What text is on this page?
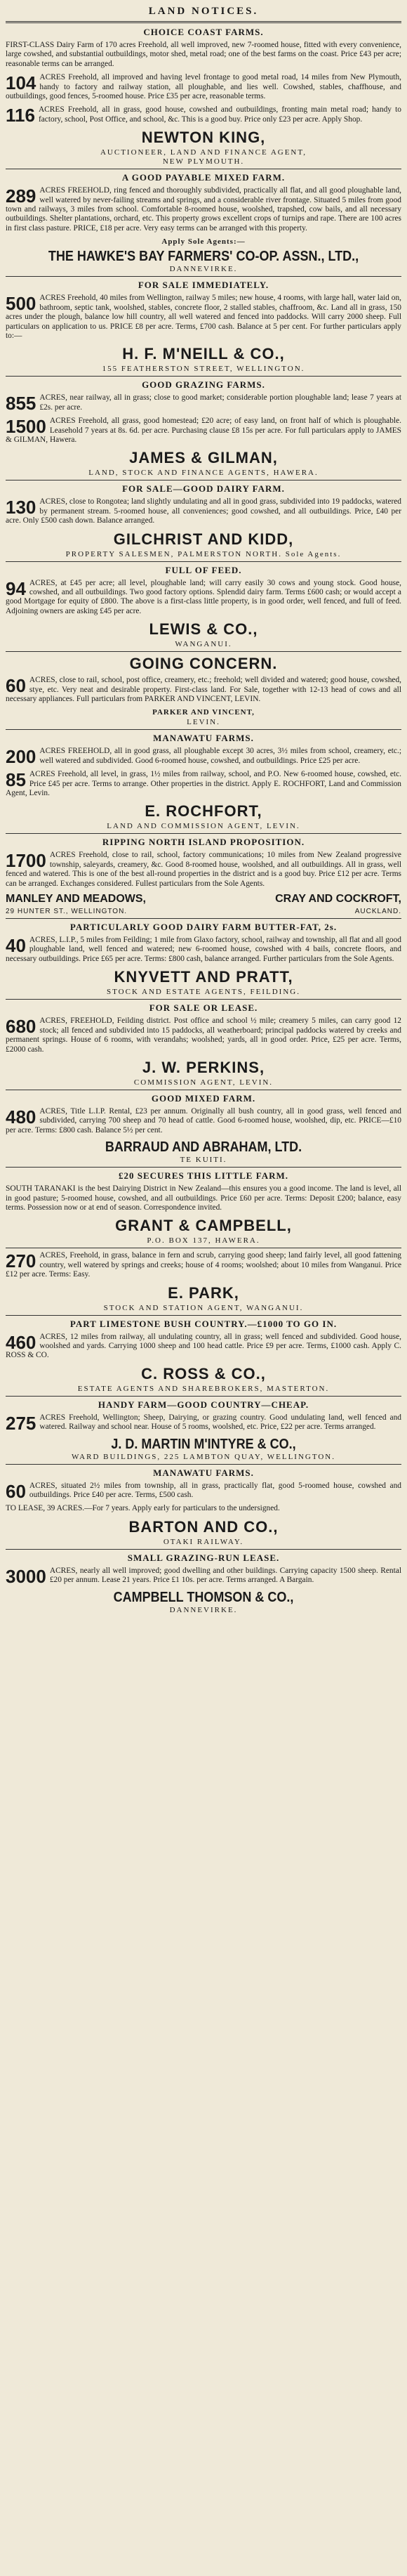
LAND NOTICES.
CHOICE COAST FARMS.

FIRST-CLASS Dairy Farm of 170 acres Freehold, all well improved, new 7-roomed house, fitted with every convenience, large cowshed, and substantial outbuildings, motor shed, metal road; one of the best farms on the coast. Price £43 per acre; reasonable terms can be arranged.

104 ACRES Freehold, all improved and having level frontage to good metal road, 14 miles from New Plymouth, handy to factory and railway station, all ploughable, and lies well. Cowshed, stables, chaffhouse, and outbuildings, good fences, 5-roomed house. Price £35 per acre, reasonable terms.

116 ACRES Freehold, all in grass, good house, cowshed and outbuildings, fronting main metal road; handy to factory, school, Post Office, and school, &c. This is a good buy. Price only £23 per acre. Apply Shop.

NEWTON KING,
AUCTIONEER, LAND AND FINANCE AGENT,
NEW PLYMOUTH.
A GOOD PAYABLE MIXED FARM.
289 ACRES FREEHOLD, ring fenced and thoroughly subdivided, practically all flat, and all good ploughable land, well watered by never-failing streams and springs, and a considerable river frontage. Situated 5 miles from good town and railways, 3 miles from school. Comfortable 8-roomed house, woolshed, trapshed, cow bails, and all necessary outbuildings. Shelter plantations, orchard, etc. This property grows excellent crops of turnips and rape. There are 100 acres in first class pasture. PRICE, £18 per acre. Very easy terms can be arranged with this property.

Apply Sole Agents:—
THE HAWKE'S BAY FARMERS' CO-OP. ASSN., LTD.,
DANNEVIRKE.
FOR SALE IMMEDIATELY.
500 ACRES Freehold, 40 miles from Wellington, railway 5 miles; new house, 4 rooms, with large hall, water laid on, bathroom, septic tank, woolshed, stables, concrete floor, 2 stalled stables, chaffroom, &c. Land all in grass, 150 acres under the plough, balance low hill country, all well watered and fenced into paddocks. Will carry 2000 sheep. Full particulars on application to us. PRICE £8 per acre. Terms, £700 cash. Balance at 5 per cent. For further particulars apply to:—

H. F. M'NEILL & CO.,
155 FEATHERSTON STREET, WELLINGTON.
GOOD GRAZING FARMS.
855 ACRES, near railway, all in grass; close to good market; considerable portion ploughable land; lease 7 years at £2s. per acre.

1500 ACRES Freehold, all grass, good homestead; £20 acre; of easy land, on front half of which is ploughable. Leasehold 7 years at 8s. 6d. per acre. Purchasing clause £8 15s per acre. For full particulars apply to JAMES & GILMAN, Hawera.

JAMES & GILMAN,
LAND, STOCK AND FINANCE AGENTS, HAWERA.
FOR SALE—GOOD DAIRY FARM.
130 ACRES, close to Rongotea; land slightly undulating and all in good grass, subdivided into 19 paddocks, watered by permanent stream. 5-roomed house, all conveniences; good cowshed, and all outbuildings. Price, £40 per acre. Only £500 cash down. Balance arranged.

GILCHRIST AND KIDD,
PROPERTY SALESMEN, PALMERSTON NORTH. Sole Agents.
FULL OF FEED.
94 ACRES, at £45 per acre; all level, ploughable land; will carry easily 30 cows and young stock. Good house, cowshed, and all outbuildings. Two good factory options. Splendid dairy farm. Terms £600 cash; or would accept a good Mortgage for equity of £800. The above is a first-class little property, is in good order, well fenced, and full of feed. Adjoining owners are asking £45 per acre.

LEWIS & CO.,
WANGANUI.
GOING CONCERN.
60 ACRES, close to rail, school, post office, creamery, etc.; freehold; well divided and watered; good house, cowshed, stye, etc. Very neat and desirable property. First-class land. For Sale, together with 12-13 head of cows and all necessary appliances. Full particulars from PARKER AND VINCENT, LEVIN.

PARKER AND VINCENT,
LEVIN.
MANAWATU FARMS.
200 ACRES FREEHOLD, all in good grass, all ploughable except 30 acres, 3½ miles from school, creamery, etc.; well watered and subdivided. Good 6-roomed house, cowshed, and outbuildings. Price £25 per acre.

85 ACRES Freehold, all level, in grass, 1½ miles from railway, school, and P.O. New 6-roomed house, cowshed, etc. Price £45 per acre. Terms to arrange. Other properties in the district. Apply E. ROCHFORT, Land and Commission Agent, Levin.

E. ROCHFORT,
LAND AND COMMISSION AGENT, LEVIN.
RIPPING NORTH ISLAND PROPOSITION.
1700 ACRES Freehold, close to rail, school, factory communications; 10 miles from New Zealand progressive township, saleyards, creamery, &c. Good 8-roomed house, woolshed, and all outbuildings. All in grass, well fenced and watered. This is one of the best all-round properties in the district and is a good buy. Price £12 per acre. Terms can be arranged. Exchanges considered. Fullest particulars from the Sole Agents.

MANLEY AND MEADOWS,	CRAY AND COCKROFT,
29 HUNTER ST., WELLINGTON.	AUCKLAND.
PARTICULARLY GOOD DAIRY FARM BUTTER-FAT, 2s.
40 ACRES, L.I.P., 5 miles from Feilding; 1 mile from Glaxo factory, school, railway and township, all flat and all good ploughable land, well fenced and watered; new 6-roomed house, cowshed with 4 bails, concrete floors, and necessary outbuildings. Price £65 per acre. Terms: £800 cash, balance arranged. Further particulars from the Sole Agents.

KNYVETT AND PRATT,
STOCK AND ESTATE AGENTS, FEILDING.
FOR SALE OR LEASE.
680 ACRES, FREEHOLD, Feilding district. Post office and school ½ mile; creamery 5 miles, can carry good 12 stock; all fenced and subdivided into 15 paddocks, all weatherboard; principal paddocks watered by creeks and permanent springs. House of 6 rooms, with verandahs; woolshed; yards, all in good order. Price, £25 per acre. Terms, £2000 cash.

J. W. PERKINS,
COMMISSION AGENT, LEVIN.
GOOD MIXED FARM.
480 ACRES, Title L.I.P. Rental, £23 per annum. Originally all bush country, all in good grass, well fenced and subdivided, carrying 700 sheep and 70 head of cattle. Good 6-roomed house, woolshed, dip, etc. PRICE—£10 per acre. Terms: £800 cash. Balance 5½ per cent.

BARRAUD AND ABRAHAM, LTD.
TE KUITI.
£20 SECURES THIS LITTLE FARM.

SOUTH TARANAKI is the best Dairying District in New Zealand—this ensures you a good income. The land is level, all in good pasture; 5-roomed house, cowshed, and all outbuildings. Price £60 per acre. Terms: Deposit £200; balance, easy terms. Possession now or at end of season. Correspondence invited.

GRANT & CAMPBELL,
P.O. BOX 137, HAWERA.
270 ACRES, Freehold, in grass, balance in fern and scrub, carrying good sheep; land fairly level, all good fattening country, well watered by springs and creeks; house of 4 rooms; woolshed; about 10 miles from Wanganui. Price £12 per acre. Terms: Easy.

E. PARK,
STOCK AND STATION AGENT, WANGANUI.
PART LIMESTONE BUSH COUNTRY.—£1000 TO GO IN.
460 ACRES, 12 miles from railway, all undulating country, all in grass; well fenced and subdivided. Good house, woolshed and yards. Carrying 1000 sheep and 100 head cattle. Price £9 per acre. Terms, £1000 cash. Apply C. ROSS & CO.

C. ROSS & CO.,
ESTATE AGENTS AND SHAREBROKERS, MASTERTON.
HANDY FARM—GOOD COUNTRY—CHEAP.
275 ACRES Freehold, Wellington; Sheep, Dairying, or grazing country. Good undulating land, well fenced and watered. Railway and school near. House of 5 rooms, woolshed, etc. Price, £22 per acre. Terms arranged.

J. D. MARTIN M'INTYRE & CO.,
WARD BUILDINGS, 225 LAMBTON QUAY, WELLINGTON.
MANAWATU FARMS.
60 ACRES, situated 2½ miles from township, all in grass, practically flat, good 5-roomed house, cowshed and outbuildings. Price £40 per acre. Terms, £500 cash.

TO LEASE, 39 ACRES.—For 7 years. Apply early for particulars to the undersigned.

BARTON AND CO.,
OTAKI RAILWAY.
SMALL GRAZING-RUN LEASE.
3000 ACRES, nearly all well improved; good dwelling and other buildings. Carrying capacity 1500 sheep. Rental £20 per annum. Lease 21 years. Price £1 10s. per acre. Terms arranged. A Bargain.

CAMPBELL THOMSON & CO.,
DANNEVIRKE.
